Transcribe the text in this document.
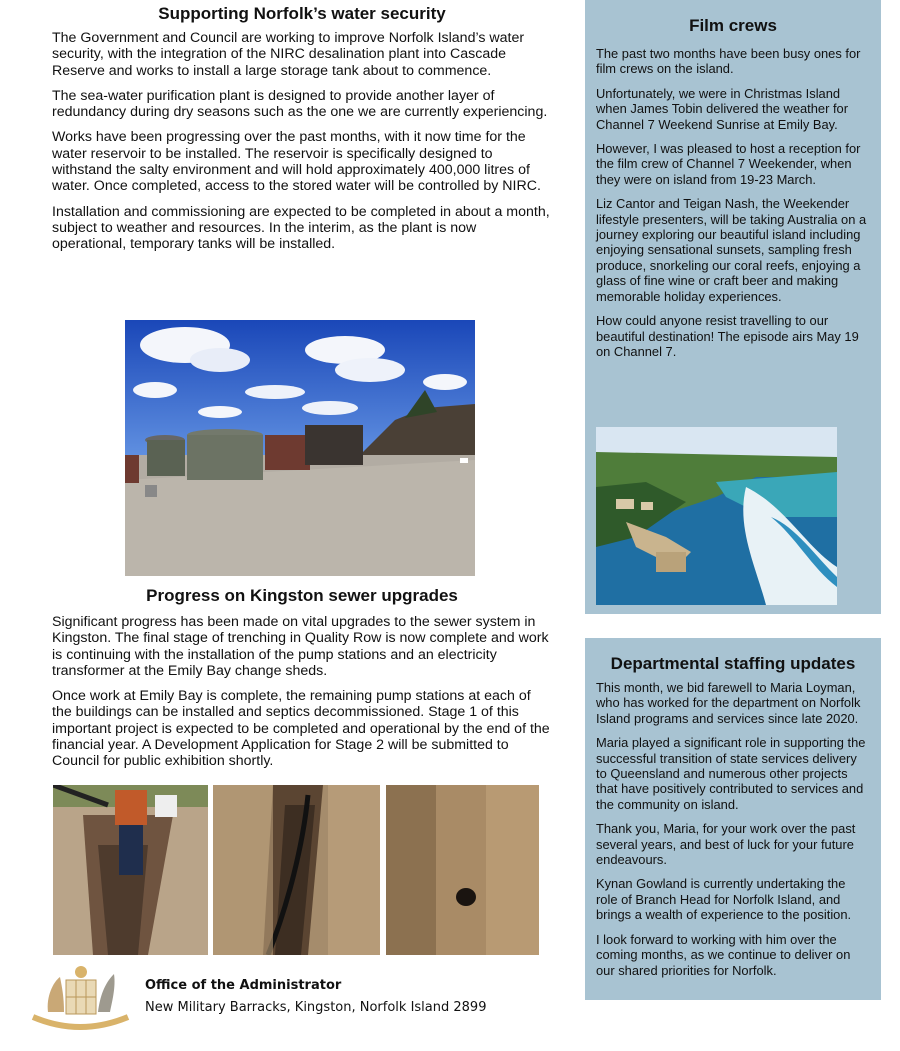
Supporting Norfolk’s water security

The Government and Council are working to improve Norfolk Island’s water security, with the integration of the NIRC desalination plant into Cascade Reserve and works to install a large storage tank about to commence.

The sea-water purification plant is designed to provide another layer of redundancy during dry seasons such as the one we are currently experiencing.

Works have been progressing over the past months, with it now time for the water reservoir to be installed. The reservoir is specifically designed to withstand the salty environment and will hold approximately 400,000 litres of water. Once completed, access to the stored water will be controlled by NIRC.

Installation and commissioning are expected to be completed in about a month, subject to weather and resources. In the interim, as the plant is now operational, temporary tanks will be installed.

Progress on Kingston sewer upgrades

Significant progress has been made on vital upgrades to the sewer system in Kingston. The final stage of trenching in Quality Row is now complete and work is continuing with the installation of the pump stations and an electricity transformer at the Emily Bay change sheds.

Once work at Emily Bay is complete, the remaining pump stations at each of the buildings can be installed and septics decommissioned. Stage 1 of this important project is expected to be completed and operational by the end of the financial year. A Development Application for Stage 2 will be submitted to Council for public exhibition shortly.

Film crews

The past two months have been busy ones for film crews on the island.

Unfortunately, we were in Christmas Island when James Tobin delivered the weather for Channel 7 Weekend Sunrise at Emily Bay.

However, I was pleased to host a reception for the film crew of Channel 7 Weekender, when they were on island from 19-23 March.

Liz Cantor and Teigan Nash, the Weekender lifestyle presenters, will be taking Australia on a journey exploring our beautiful island including enjoying sensational sunsets, sampling fresh produce, snorkeling our coral reefs, enjoying a glass of fine wine or craft beer and making memorable holiday experiences.

How could anyone resist travelling to our beautiful destination! The episode airs May 19 on Channel 7.

Departmental staffing updates

This month, we bid farewell to Maria Loyman, who has worked for the department on Norfolk Island programs and services since late 2020.

Maria played a significant role in supporting the successful transition of state services delivery to Queensland and numerous other projects that have positively contributed to services and the community on island.

Thank you, Maria, for your work over the past several years, and best of luck for your future endeavours.

Kynan Gowland is currently undertaking the role of Branch Head for Norfolk Island, and brings a wealth of experience to the position.

I look forward to working with him over the coming months, as we continue to deliver on our shared priorities for Norfolk.

Office of the Administrator
New Military Barracks, Kingston, Norfolk Island 2899
